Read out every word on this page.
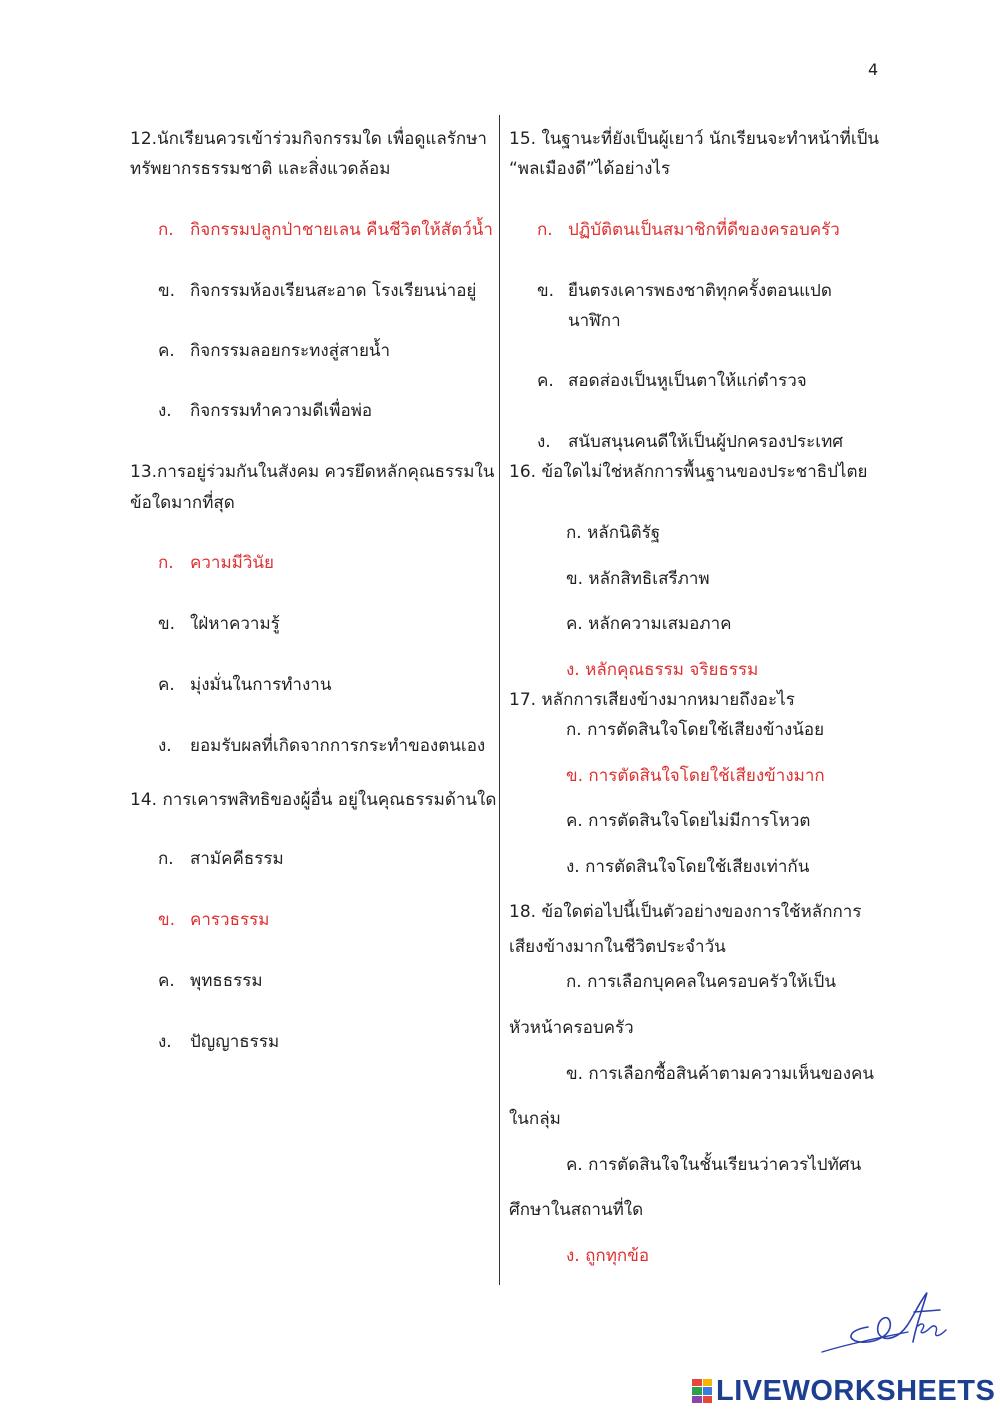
4
12.นักเรียนควรเข้าร่วมกิจกรรมใด เพื่อดูแลรักษา
ทรัพยากรธรรมชาติ และสิ่งแวดล้อม
ก. กิจกรรมปลูกป่าชายเลน คืนชีวิตให้สัตว์น้ำ
ข. กิจกรรมห้องเรียนสะอาด โรงเรียนน่าอยู่
ค. กิจกรรมลอยกระทงสู่สายน้ำ
ง. กิจกรรมทำความดีเพื่อพ่อ
13.การอยู่ร่วมกันในสังคม ควรยึดหลักคุณธรรมใน
ข้อใดมากที่สุด
ก. ความมีวินัย
ข. ใฝ่หาความรู้
ค. มุ่งมั่นในการทำงาน
ง. ยอมรับผลที่เกิดจากการกระทำของตนเอง
14. การเคารพสิทธิของผู้อื่น อยู่ในคุณธรรมด้านใด
ก. สามัคคีธรรม
ข. คารวธรรม
ค. พุทธธรรม
ง. ปัญญาธรรม
15. ในฐานะที่ยังเป็นผู้เยาว์ นักเรียนจะทำหน้าที่เป็น
“พลเมืองดี”ได้อย่างไร
ก. ปฏิบัติตนเป็นสมาชิกที่ดีของครอบครัว
ข. ยืนตรงเคารพธงชาติทุกครั้งตอนแปด
นาฬิกา
ค. สอดส่องเป็นหูเป็นตาให้แก่ตำรวจ
ง. สนับสนุนคนดีให้เป็นผู้ปกครองประเทศ
16. ข้อใดไม่ใช่หลักการพื้นฐานของประชาธิปไตย
ก. หลักนิติรัฐ
ข. หลักสิทธิเสรีภาพ
ค. หลักความเสมอภาค
ง. หลักคุณธรรม จริยธรรม
17. หลักการเสียงข้างมากหมายถึงอะไร
ก. การตัดสินใจโดยใช้เสียงข้างน้อย
ข. การตัดสินใจโดยใช้เสียงข้างมาก
ค. การตัดสินใจโดยไม่มีการโหวต
ง. การตัดสินใจโดยใช้เสียงเท่ากัน
18. ข้อใดต่อไปนี้เป็นตัวอย่างของการใช้หลักการ
เสียงข้างมากในชีวิตประจำวัน
ก. การเลือกบุคคลในครอบครัวให้เป็น
หัวหน้าครอบครัว
ข. การเลือกซื้อสินค้าตามความเห็นของคน
ในกลุ่ม
ค. การตัดสินใจในชั้นเรียนว่าควรไปทัศน
ศึกษาในสถานที่ใด
ง. ถูกทุกข้อ
LIVEWORKSHEETS
